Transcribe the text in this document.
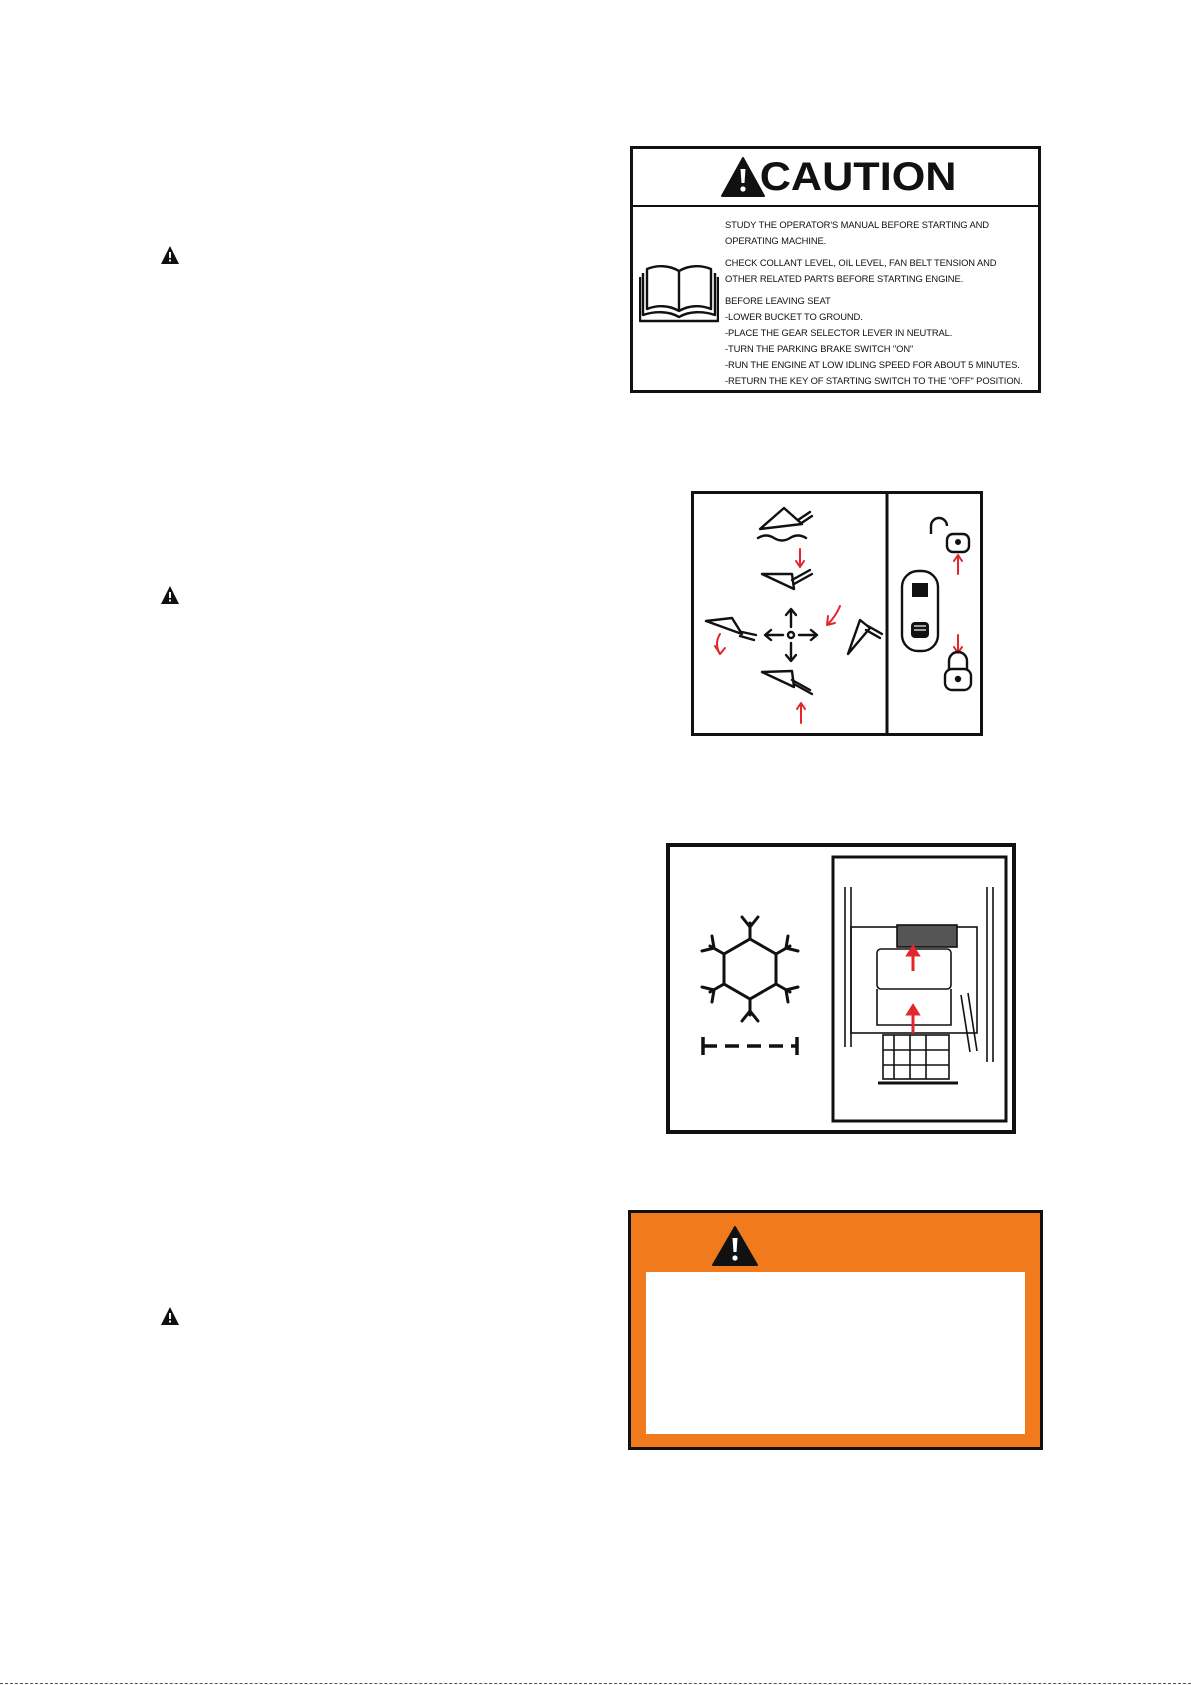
CAUTION

STUDY THE OPERATOR'S MANUAL BEFORE STARTING AND

OPERATING MACHINE.

CHECK COLLANT LEVEL, OIL LEVEL, FAN BELT TENSION AND

OTHER RELATED PARTS BEFORE STARTING ENGINE.

BEFORE LEAVING SEAT

-LOWER BUCKET TO GROUND.

-PLACE THE GEAR SELECTOR LEVER IN NEUTRAL.

-TURN THE PARKING BRAKE SWITCH "ON"

-RUN THE ENGINE AT LOW IDLING SPEED FOR ABOUT 5 MINUTES.

-RETURN THE KEY OF STARTING SWITCH TO THE "OFF" POSITION.
